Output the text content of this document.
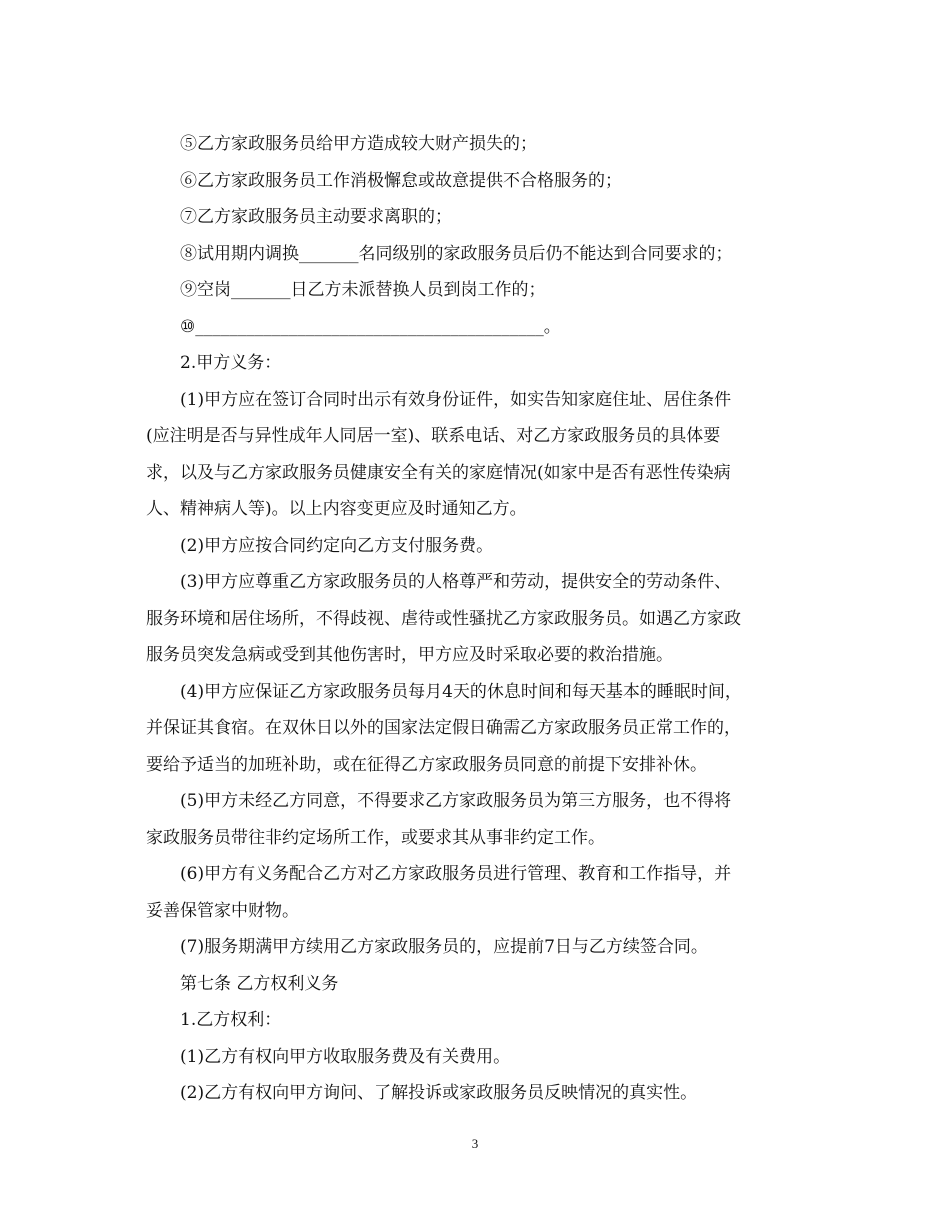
⑤乙方家政服务员给甲方造成较大财产损失的；
⑥乙方家政服务员工作消极懈怠或故意提供不合格服务的；
⑦乙方家政服务员主动要求离职的；
⑧试用期内调换_______名同级别的家政服务员后仍不能达到合同要求的；
⑨空岗_______日乙方未派替换人员到岗工作的；
⑩_________________________________________。
2.甲方义务：
(1)甲方应在签订合同时出示有效身份证件，如实告知家庭住址、居住条件
(应注明是否与异性成年人同居一室)、联系电话、对乙方家政服务员的具体要
求，以及与乙方家政服务员健康安全有关的家庭情况(如家中是否有恶性传染病
人、精神病人等)。以上内容变更应及时通知乙方。
(2)甲方应按合同约定向乙方支付服务费。
(3)甲方应尊重乙方家政服务员的人格尊严和劳动，提供安全的劳动条件、
服务环境和居住场所，不得歧视、虐待或性骚扰乙方家政服务员。如遇乙方家政
服务员突发急病或受到其他伤害时，甲方应及时采取必要的救治措施。
(4)甲方应保证乙方家政服务员每月4天的休息时间和每天基本的睡眠时间，
并保证其食宿。在双休日以外的国家法定假日确需乙方家政服务员正常工作的，
要给予适当的加班补助，或在征得乙方家政服务员同意的前提下安排补休。
(5)甲方未经乙方同意，不得要求乙方家政服务员为第三方服务，也不得将
家政服务员带往非约定场所工作，或要求其从事非约定工作。
(6)甲方有义务配合乙方对乙方家政服务员进行管理、教育和工作指导，并
妥善保管家中财物。
(7)服务期满甲方续用乙方家政服务员的，应提前7日与乙方续签合同。
第七条 乙方权利义务
1.乙方权利：
(1)乙方有权向甲方收取服务费及有关费用。
(2)乙方有权向甲方询问、了解投诉或家政服务员反映情况的真实性。
3
